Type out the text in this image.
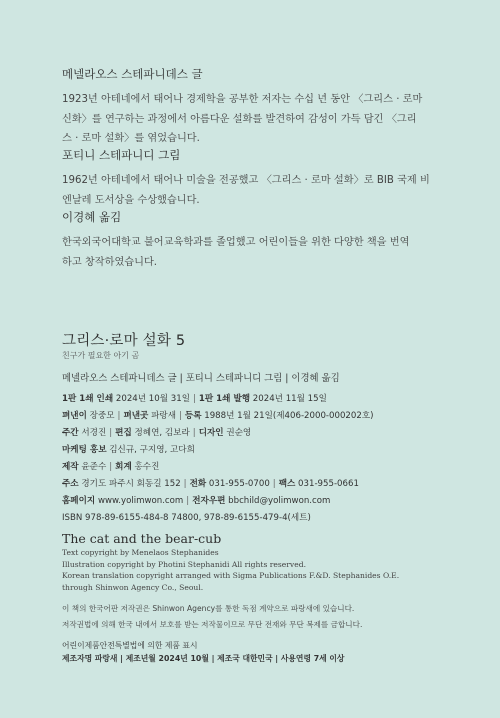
메넬라오스 스테파니데스 글
1923년 아테네에서 태어나 경제학을 공부한 저자는 수십 년 동안 〈그리스 · 로마
신화〉를 연구하는 과정에서 아름다운 설화를 발견하여 감성이 가득 담긴 〈그리
스 · 로마 설화〉를 엮었습니다.
포티니 스테파니디 그림
1962년 아테네에서 태어나 미술을 전공했고 〈그리스 · 로마 설화〉로 BIB 국제 비
엔날레 도서상을 수상했습니다.
이경혜 옮김
한국외국어대학교 불어교육학과를 졸업했고 어린이들을 위한 다양한 책을 번역
하고 창작하였습니다.
그리스·로마 설화 5
친구가 필요한 아기 곰
메넬라오스 스테파니데스 글 | 포티니 스테파니디 그림 | 이경혜 옮김
1판 1쇄 인쇄 2024년 10월 31일 | 1판 1쇄 발행 2024년 11월 15일
펴낸이 장중모 | 펴낸곳 파랑새 | 등록 1988년 1월 21일(제406-2000-000202호)
주간 서경진 | 편집 정혜연, 김보라 | 디자인 권순영
마케팅 홍보 김신규, 구지영, 고다희
제작 윤준수 | 회계 홍수진
주소 경기도 파주시 회동길 152 | 전화 031-955-0700 | 팩스 031-955-0661
홈페이지 www.yolimwon.com | 전자우편 bbchild@yolimwon.com
ISBN 978-89-6155-484-8 74800, 978-89-6155-479-4(세트)
The cat and the bear-cub
Text copyright by Menelaos Stephanides
Illustration copyright by Photini Stephanidi All rights reserved.
Korean translation copyright arranged with Sigma Publications F.&D. Stephanides O.E.
through Shinwon Agency Co., Seoul.
이 책의 한국어판 저작권은 Shinwon Agency를 통한 독점 계약으로 파랑새에 있습니다.
저작권법에 의해 한국 내에서 보호를 받는 저작물이므로 무단 전재와 무단 복제를 금합니다.
어린이제품안전특별법에 의한 제품 표시
제조자명 파랑새 | 제조년월 2024년 10월 | 제조국 대한민국 | 사용연령 7세 이상
